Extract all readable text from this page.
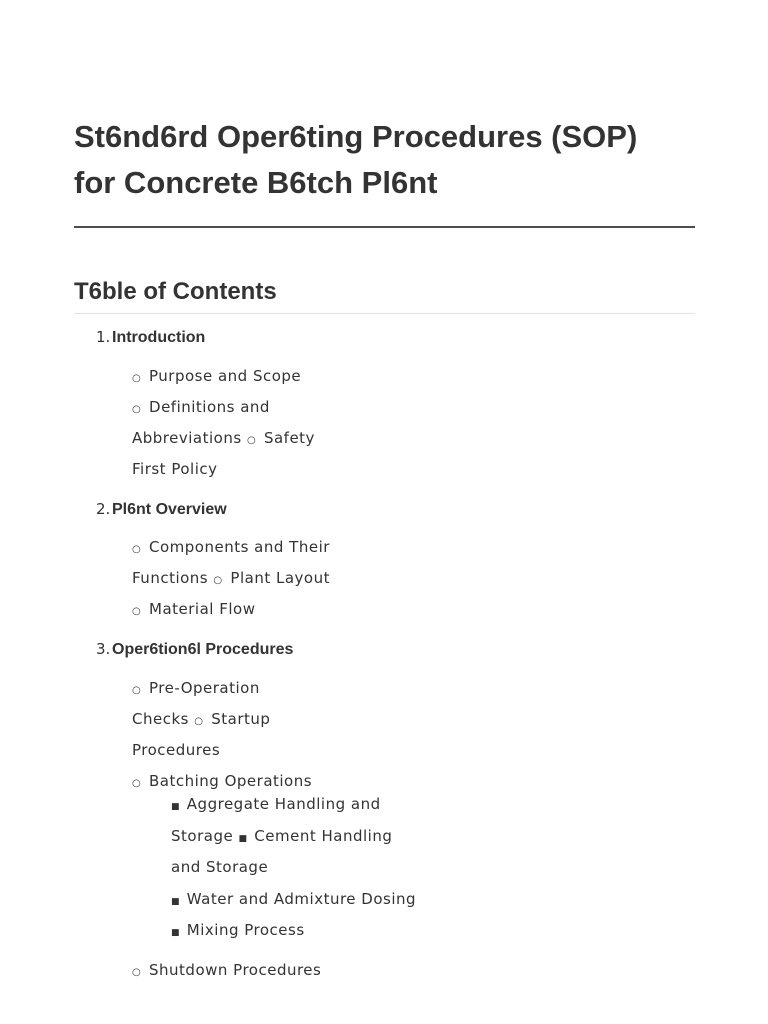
St6nd6rd Oper6ting Procedures (SOP) for Concrete B6tch Pl6nt
T6ble of Contents
1. Introduction
○ Purpose and Scope
○ Definitions and
Abbreviations ○ Safety
First Policy
2. Pl6nt Overview
○ Components and Their
Functions ○ Plant Layout
○ Material Flow
3. Oper6tion6l Procedures
○ Pre-Operation
Checks ○ Startup
Procedures
○ Batching Operations
■ Aggregate Handling and
Storage ■ Cement Handling
and Storage
■ Water and Admixture Dosing
■ Mixing Process
○ Shutdown Procedures
